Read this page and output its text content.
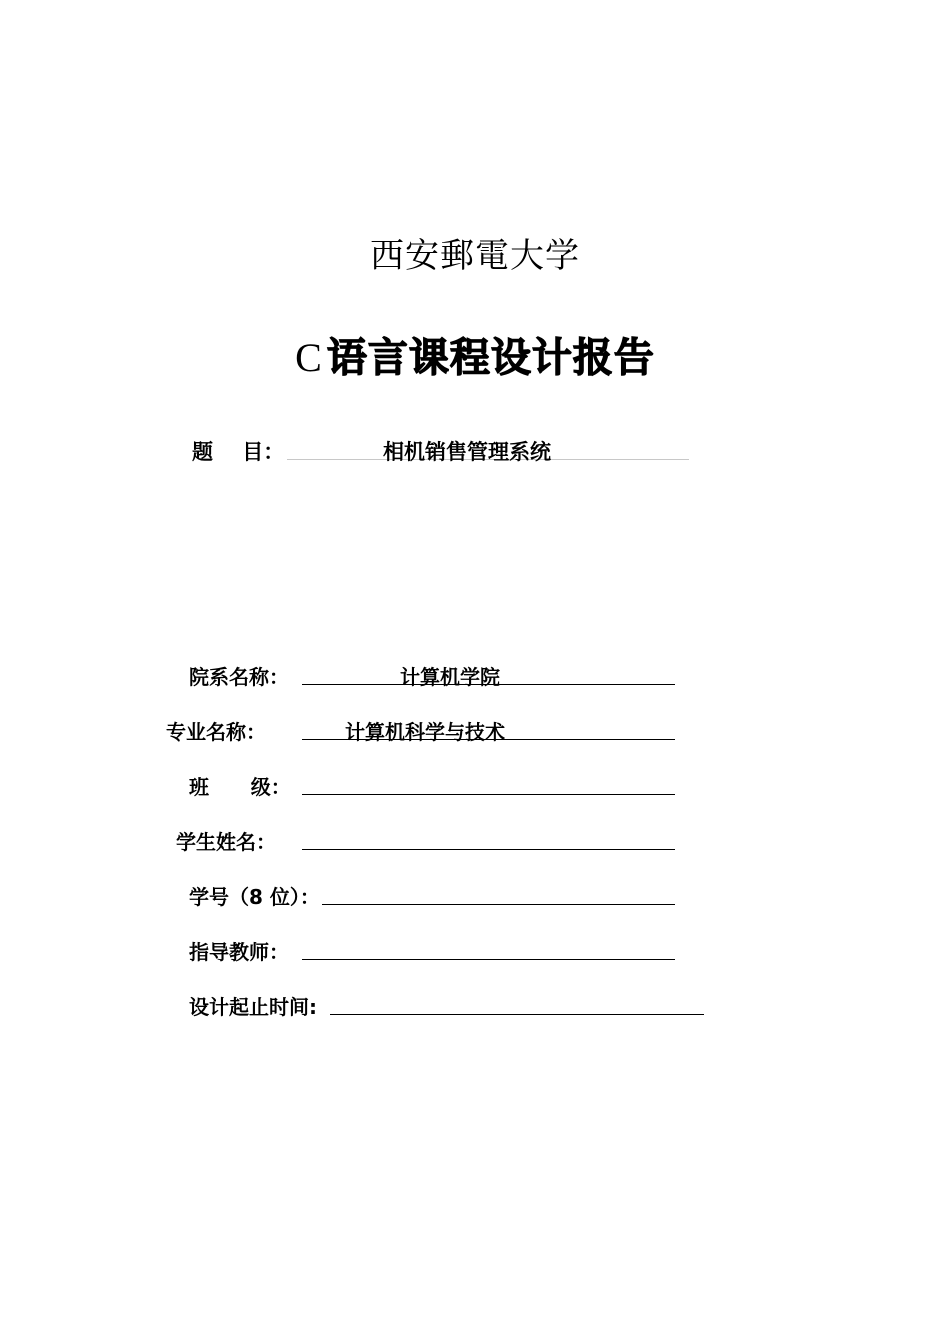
西安郵電大学
C 语言课程设计报告
题    目：	相机销售管理系统
院系名称：	计算机学院
专业名称：	计算机科学与技术
班      级：
学生姓名：
学号（8 位）：
指导教师：
设计起止时间:
